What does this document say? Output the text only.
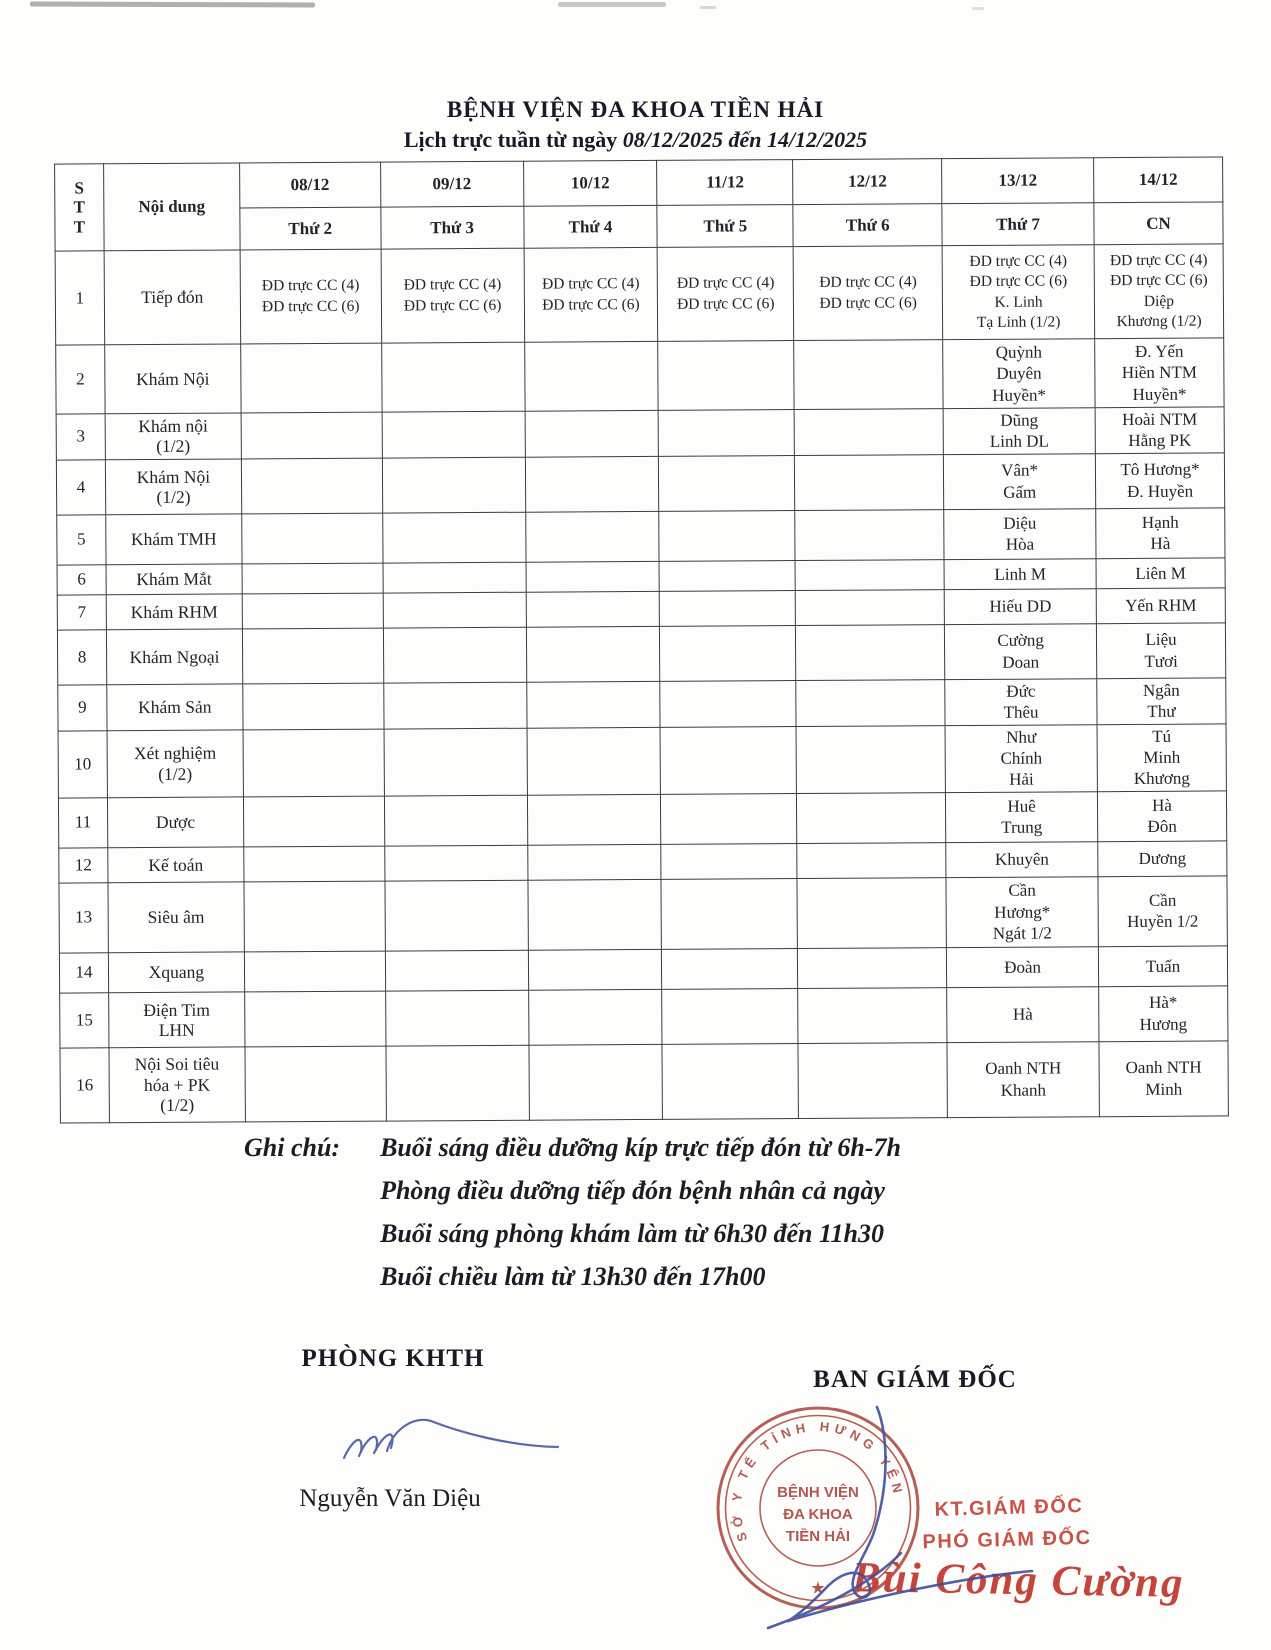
BỆNH VIỆN ĐA KHOA TIỀN HẢI
Lịch trực tuần từ ngày 08/12/2025 đến 14/12/2025
S
T
T	Nội dung	08/12	09/12	10/12	11/12	12/12	13/12	14/12
		Thứ 2	Thứ 3	Thứ 4	Thứ 5	Thứ 6	Thứ 7	CN
1	Tiếp đón	ĐD trực CC (4)
ĐD trực CC (6)	ĐD trực CC (4)
ĐD trực CC (6)	ĐD trực CC (4)
ĐD trực CC (6)	ĐD trực CC (4)
ĐD trực CC (6)	ĐD trực CC (4)
ĐD trực CC (6)	ĐD trực CC (4)
ĐD trực CC (6)
K. Linh
Tạ Linh (1/2)	ĐD trực CC (4)
ĐD trực CC (6)
Diệp
Khương (1/2)
2	Khám Nội						Quỳnh
Duyên
Huyền*	Đ. Yến
Hiền NTM
Huyền*
3	Khám nội
(1/2)						Dũng
Linh DL	Hoài NTM
Hằng PK
4	Khám Nội
(1/2)						Vân*
Gấm	Tô Hương*
Đ. Huyền
5	Khám TMH						Diệu
Hòa	Hạnh
Hà
6	Khám Mắt						Linh M	Liên M
7	Khám RHM						Hiếu DD	Yến RHM
8	Khám Ngoại						Cường
Doan	Liệu
Tươi
9	Khám Sản						Đức
Thêu	Ngân
Thư
10	Xét nghiệm
(1/2)						Như
Chính
Hải	Tú
Minh
Khương
11	Dược						Huê
Trung	Hà
Đôn
12	Kế toán						Khuyên	Dương
13	Siêu âm						Cần
Hương*
Ngát 1/2	Cần
Huyền 1/2
14	Xquang						Đoàn	Tuấn
15	Điện Tim
LHN						Hà	Hà*
Hương
16	Nội Soi tiêu
hóa + PK
(1/2)						Oanh NTH
Khanh	Oanh NTH
Minh
Ghi chú: Buổi sáng điều dưỡng kíp trực tiếp đón từ 6h-7h
Phòng điều dưỡng tiếp đón bệnh nhân cả ngày
Buổi sáng phòng khám làm từ 6h30 đến 11h30
Buổi chiều làm từ 13h30 đến 17h00
PHÒNG KHTH
BAN GIÁM ĐỐC
Nguyễn Văn Diệu
SỞ Y TẾ TỈNH HƯNG YÊN
BỆNH VIỆN
ĐA KHOA
TIỀN HẢI
★
KT.GIÁM ĐỐC
PHÓ GIÁM ĐỐC
Bùi Công Cường
